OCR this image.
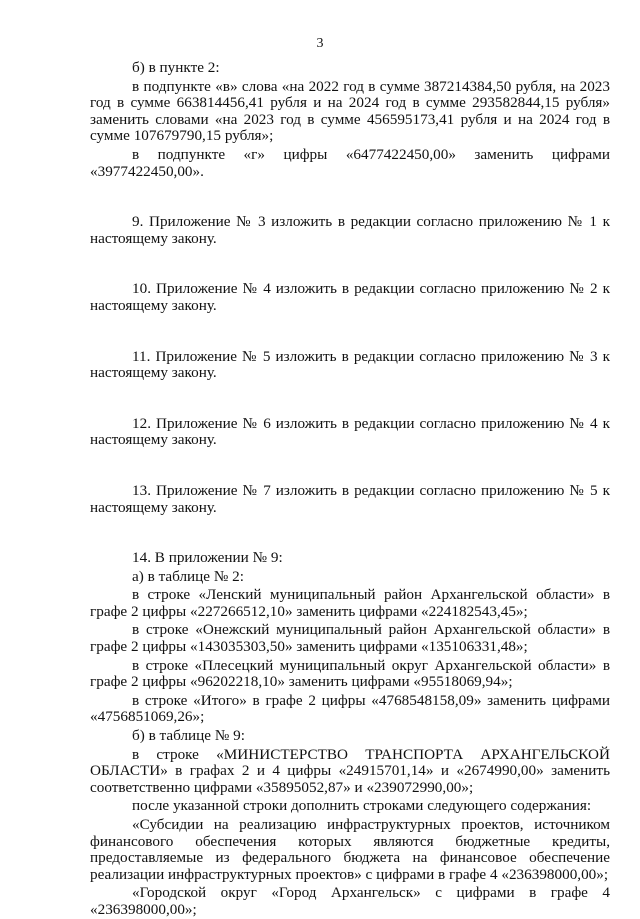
3

б) в пункте 2:

в подпункте «в» слова «на 2022 год в сумме 387214384,50 рубля, на 2023 год в сумме 663814456,41 рубля и на 2024 год в сумме 293582844,15 рубля» заменить словами «на 2023 год в сумме 456595173,41 рубля и на 2024 год в сумме 107679790,15 рубля»;

в подпункте «г» цифры «6477422450,00» заменить цифрами «3977422450,00».

9. Приложение № 3 изложить в редакции согласно приложению № 1 к настоящему закону.

10. Приложение № 4 изложить в редакции согласно приложению № 2 к настоящему закону.

11. Приложение № 5 изложить в редакции согласно приложению № 3 к настоящему закону.

12. Приложение № 6 изложить в редакции согласно приложению № 4 к настоящему закону.

13. Приложение № 7 изложить в редакции согласно приложению № 5 к настоящему закону.

14. В приложении № 9:

а) в таблице № 2:

в строке «Ленский муниципальный район Архангельской области» в графе 2 цифры «227266512,10» заменить цифрами «224182543,45»;

в строке «Онежский муниципальный район Архангельской области» в графе 2 цифры «143035303,50» заменить цифрами «135106331,48»;

в строке «Плесецкий муниципальный округ Архангельской области» в графе 2 цифры «96202218,10» заменить цифрами «95518069,94»;

в строке «Итого» в графе 2 цифры «4768548158,09» заменить цифрами «4756851069,26»;

б) в таблице № 9:

в строке «МИНИСТЕРСТВО ТРАНСПОРТА АРХАНГЕЛЬСКОЙ ОБЛАСТИ» в графах 2 и 4 цифры «24915701,14» и «2674990,00» заменить соответственно цифрами «35895052,87» и «239072990,00»;

после указанной строки дополнить строками следующего содержания:

«Субсидии на реализацию инфраструктурных проектов, источником финансового обеспечения которых являются бюджетные кредиты, предоставляемые из федерального бюджета на финансовое обеспечение реализации инфраструктурных проектов» с цифрами в графе 4 «236398000,00»;

«Городской округ «Город Архангельск» с цифрами в графе 4 «236398000,00»;
